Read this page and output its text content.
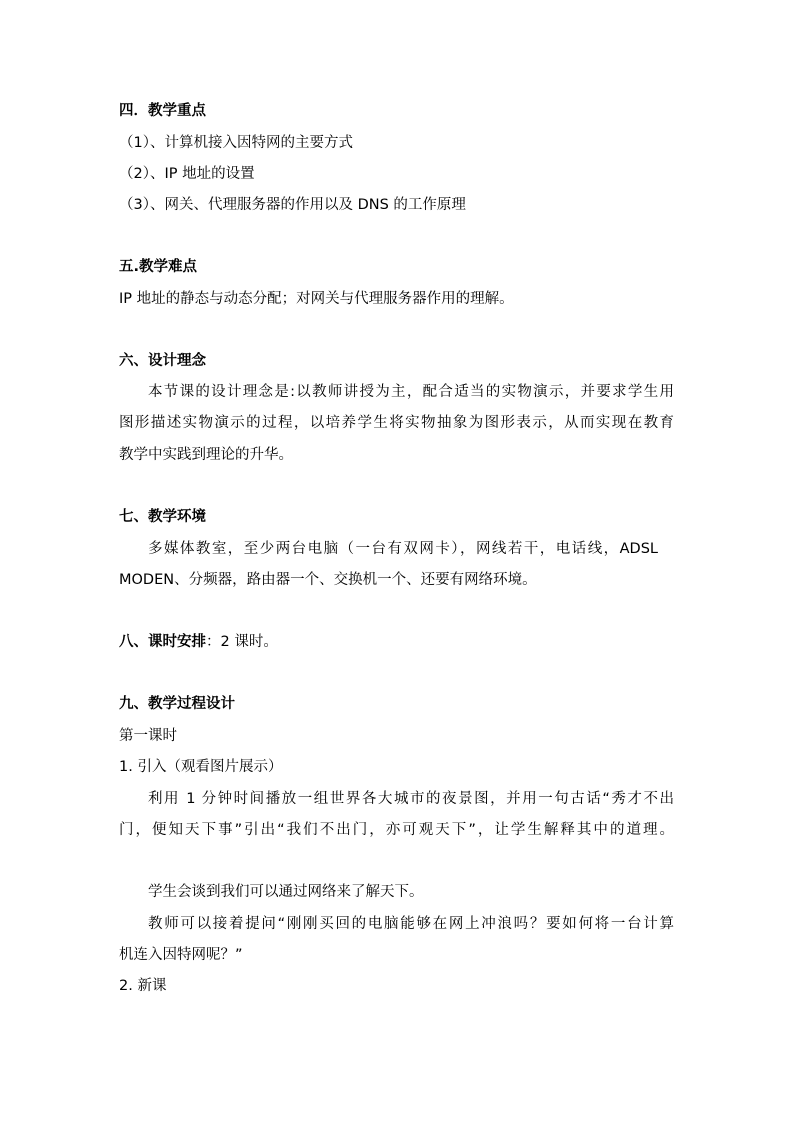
四．教学重点
（1）、计算机接入因特网的主要方式
（2）、IP 地址的设置
（3）、网关、代理服务器的作用以及 DNS 的工作原理
五.教学难点
IP 地址的静态与动态分配；对网关与代理服务器作用的理解。
六、设计理念
本节课的设计理念是:以教师讲授为主，配合适当的实物演示，并要求学生用
图形描述实物演示的过程，以培养学生将实物抽象为图形表示，从而实现在教育
教学中实践到理论的升华。
七、教学环境
多媒体教室，至少两台电脑（一台有双网卡），网线若干，电话线，ADSL
MODEN、分频器，路由器一个、交换机一个、还要有网络环境。
八、课时安排：2 课时。
九、教学过程设计
第一课时
1. 引入（观看图片展示）
利用 1 分钟时间播放一组世界各大城市的夜景图，并用一句古话“秀才不出
门，便知天下事”引出“我们不出门，亦可观天下”，让学生解释其中的道理。
学生会谈到我们可以通过网络来了解天下。
教师可以接着提问“刚刚买回的电脑能够在网上冲浪吗？要如何将一台计算
机连入因特网呢？”
2. 新课
